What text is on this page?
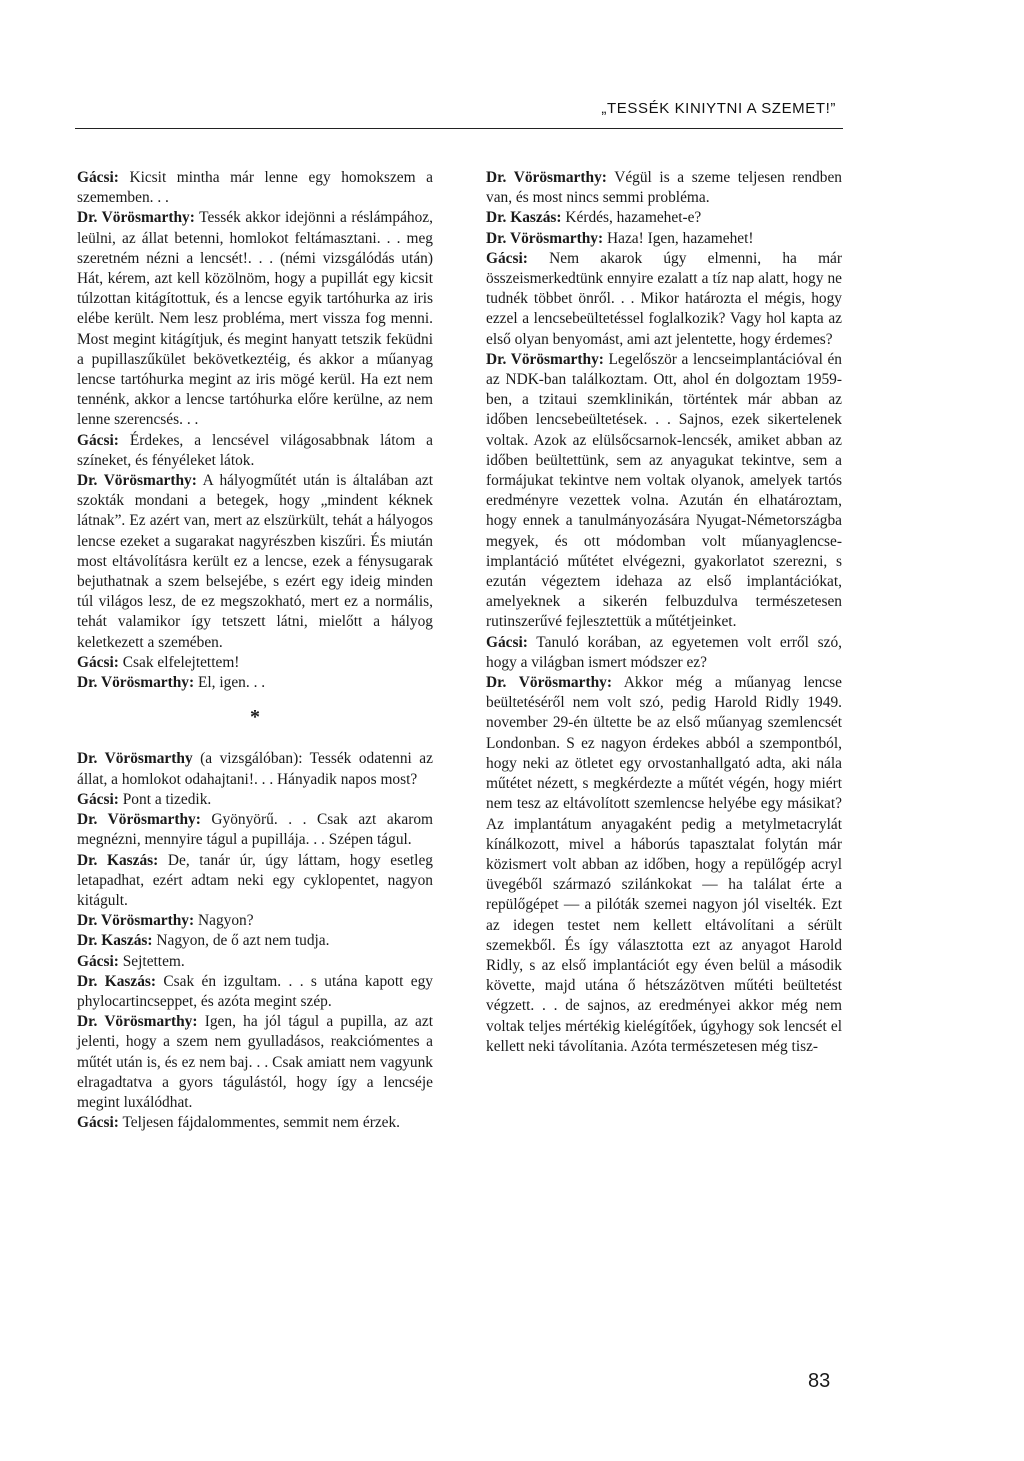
„TESSÉK KINIYTNI A SZEMET!”

Gácsi: Kicsit mintha már lenne egy homokszem a szememben. . .

Dr. Vörösmarthy: Tessék akkor idejönni a réslámpához, leülni, az állat betenni, homlokot feltámasztani. . . meg szeretném nézni a lencsét!. . . (némi vizsgálódás után) Hát, kérem, azt kell közölnöm, hogy a pupillát egy kicsit túlzottan kitágítottuk, és a lencse egyik tartóhurka az iris elébe került. Nem lesz probléma, mert vissza fog menni. Most megint kitágítjuk, és megint hanyatt tetszik feküdni a pupillaszűkület bekövetkeztéig, és akkor a műanyag lencse tartóhurka megint az iris mögé kerül. Ha ezt nem tennénk, akkor a lencse tartóhurka előre kerülne, az nem lenne szerencsés. . .

Gácsi: Érdekes, a lencsével világosabbnak látom a színeket, és fényéleket látok.

Dr. Vörösmarthy: A hályogműtét után is általában azt szokták mondani a betegek, hogy „mindent kéknek látnak”. Ez azért van, mert az elszürkült, tehát a hályogos lencse ezeket a sugarakat nagyrészben kiszűri. És miután most eltávolításra került ez a lencse, ezek a fénysugarak bejuthatnak a szem belsejébe, s ezért egy ideig minden túl világos lesz, de ez megszokható, mert ez a normális, tehát valamikor így tetszett látni, mielőtt a hályog keletkezett a szemében.

Gácsi: Csak elfelejtettem!

Dr. Vörösmarthy: El, igen. . .

*

Dr. Vörösmarthy (a vizsgálóban): Tessék odatenni az állat, a homlokot odahajtani!. . . Hányadik napos most?

Gácsi: Pont a tizedik.

Dr. Vörösmarthy: Gyönyörű. . . Csak azt akarom megnézni, mennyire tágul a pupillája. . . Szépen tágul.

Dr. Kaszás: De, tanár úr, úgy láttam, hogy esetleg letapadhat, ezért adtam neki egy cyklopentet, nagyon kitágult.

Dr. Vörösmarthy: Nagyon?

Dr. Kaszás: Nagyon, de ő azt nem tudja.

Gácsi: Sejtettem.

Dr. Kaszás: Csak én izgultam. . . s utána kapott egy phylocartincseppet, és azóta megint szép.

Dr. Vörösmarthy: Igen, ha jól tágul a pupilla, az azt jelenti, hogy a szem nem gyulladásos, reakciómentes a műtét után is, és ez nem baj. . . Csak amiatt nem vagyunk elragadtatva a gyors tágulástól, hogy így a lencséje megint luxálódhat.

Gácsi: Teljesen fájdalommentes, semmit nem érzek.

Dr. Vörösmarthy: Végül is a szeme teljesen rendben van, és most nincs semmi probléma.

Dr. Kaszás: Kérdés, hazamehet-e?

Dr. Vörösmarthy: Haza! Igen, hazamehet!

Gácsi: Nem akarok úgy elmenni, ha már összeismerkedtünk ennyire ezalatt a tíz nap alatt, hogy ne tudnék többet önről. . . Mikor határozta el mégis, hogy ezzel a lencsebeültetéssel foglalkozik? Vagy hol kapta az első olyan benyomást, ami azt jelentette, hogy érdemes?

Dr. Vörösmarthy: Legelőször a lencseimplantációval én az NDK-ban találkoztam. Ott, ahol én dolgoztam 1959-ben, a tzitaui szemklinikán, történtek már abban az időben lencsebeültetések. . . Sajnos, ezek sikertelenek voltak. Azok az elülsőcsarnok-lencsék, amiket abban az időben beültettünk, sem az anyagukat tekintve, sem a formájukat tekintve nem voltak olyanok, amelyek tartós eredményre vezettek volna. Azután én elhatároztam, hogy ennek a tanulmányozására Nyugat-Németországba megyek, és ott módomban volt műanyaglencse-implantáció műtétet elvégezni, gyakorlatot szerezni, s ezután végeztem idehaza az első implantációkat, amelyeknek a sikerén felbuzdulva természetesen rutinszerűvé fejlesztettük a műtétjeinket.

Gácsi: Tanuló korában, az egyetemen volt erről szó, hogy a világban ismert módszer ez?

Dr. Vörösmarthy: Akkor még a műanyag lencse beültetéséről nem volt szó, pedig Harold Ridly 1949. november 29-én ültette be az első műanyag szemlencsét Londonban. S ez nagyon érdekes abból a szempontból, hogy neki az ötletet egy orvostanhallgató adta, aki nála műtétet nézett, s megkérdezte a műtét végén, hogy miért nem tesz az eltávolított szemlencse helyébe egy másikat? Az implantátum anyagaként pedig a metylmetacrylát kínálkozott, mivel a háborús tapasztalat folytán már közismert volt abban az időben, hogy a repülőgép acryl üvegéből származó szilánkokat — ha találat érte a repülőgépet — a pilóták szemei nagyon jól viselték. Ezt az idegen testet nem kellett eltávolítani a sérült szemekből. És így választotta ezt az anyagot Harold Ridly, s az első implantációt egy éven belül a második követte, majd utána ő hétszázötven műtéti beültetést végzett. . . de sajnos, az eredményei akkor még nem voltak teljes mértékig kielégítőek, úgyhogy sok lencsét el kellett neki távolítania. Azóta természetesen még tisz-

83
